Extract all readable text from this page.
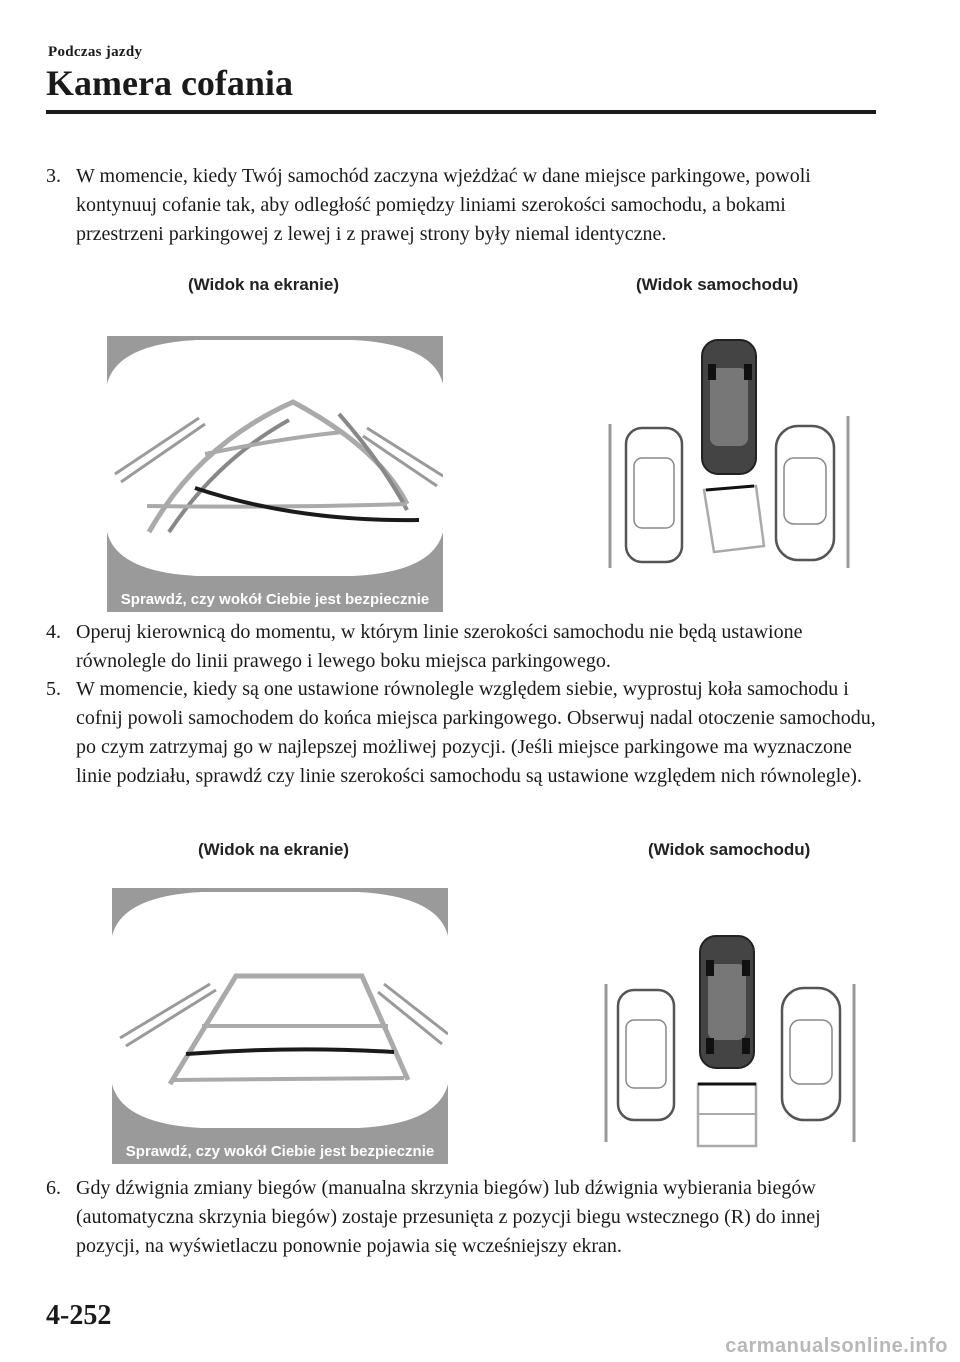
Podczas jazdy
Kamera cofania
3. W momencie, kiedy Twój samochód zaczyna wjeżdżać w dane miejsce parkingowe, powoli kontynuuj cofanie tak, aby odległość pomiędzy liniami szerokości samochodu, a bokami przestrzeni parkingowej z lewej i z prawej strony były niemal identyczne.
(Widok na ekranie)	(Widok samochodu)
Sprawdź, czy wokół Ciebie jest bezpiecznie
4. Operuj kierownicą do momentu, w którym linie szerokości samochodu nie będą ustawione równolegle do linii prawego i lewego boku miejsca parkingowego.
5. W momencie, kiedy są one ustawione równolegle względem siebie, wyprostuj koła samochodu i cofnij powoli samochodem do końca miejsca parkingowego. Obserwuj nadal otoczenie samochodu, po czym zatrzymaj go w najlepszej możliwej pozycji. (Jeśli miejsce parkingowe ma wyznaczone linie podziału, sprawdź czy linie szerokości samochodu są ustawione względem nich równolegle).
(Widok na ekranie)	(Widok samochodu)
Sprawdź, czy wokół Ciebie jest bezpiecznie
6. Gdy dźwignia zmiany biegów (manualna skrzynia biegów) lub dźwignia wybierania biegów (automatyczna skrzynia biegów) zostaje przesunięta z pozycji biegu wstecznego (R) do innej pozycji, na wyświetlaczu ponownie pojawia się wcześniejszy ekran.
4-252
carmanualsonline.info
